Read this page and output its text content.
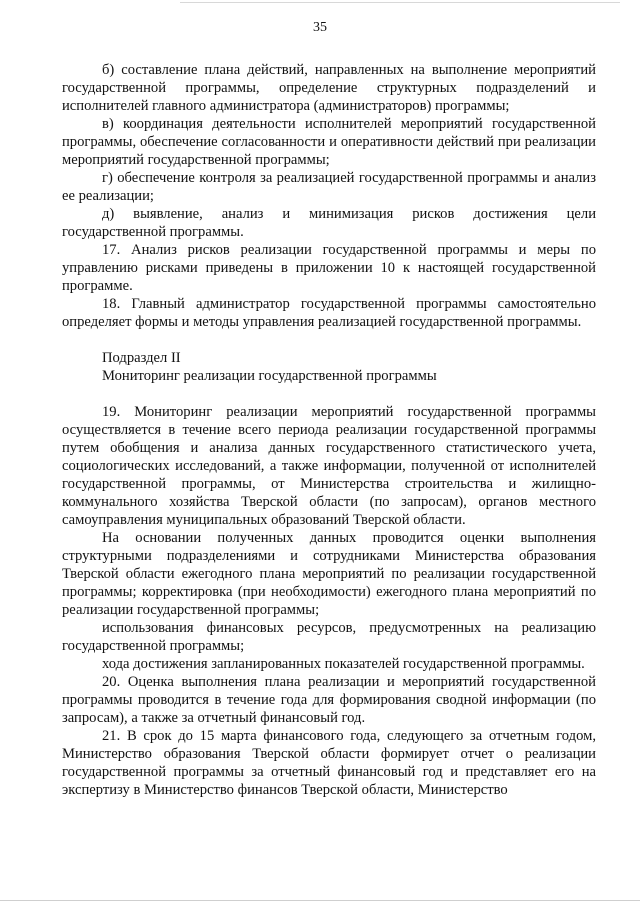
35

б) составление плана действий, направленных на выполнение мероприятий государственной программы, определение структурных подразделений и исполнителей главного администратора (администраторов) программы;

в) координация деятельности исполнителей мероприятий государственной программы, обеспечение согласованности и оперативности действий при реализации мероприятий государственной программы;

г) обеспечение контроля за реализацией государственной программы и анализ ее реализации;

д) выявление, анализ и минимизация рисков достижения цели государственной программы.

17. Анализ рисков реализации государственной программы и меры по управлению рисками приведены в приложении 10 к настоящей государственной программе.

18. Главный администратор государственной программы самостоятельно определяет формы и методы управления реализацией государственной программы.

Подраздел II

Мониторинг реализации государственной программы

19. Мониторинг реализации мероприятий государственной программы осуществляется в течение всего периода реализации государственной программы путем обобщения и анализа данных государственного статистического учета, социологических исследований, а также информации, полученной от исполнителей государственной программы, от Министерства строительства и жилищно-коммунального хозяйства Тверской области (по запросам), органов местного самоуправления муниципальных образований Тверской области.

На основании полученных данных проводится оценки выполнения структурными подразделениями и сотрудниками Министерства образования Тверской области ежегодного плана мероприятий по реализации государственной программы; корректировка (при необходимости) ежегодного плана мероприятий по реализации государственной программы;

использования финансовых ресурсов, предусмотренных на реализацию государственной программы;

хода достижения запланированных показателей государственной программы.

20. Оценка выполнения плана реализации и мероприятий государственной программы проводится в течение года для формирования сводной информации (по запросам), а также за отчетный финансовый год.

21. В срок до 15 марта финансового года, следующего за отчетным годом, Министерство образования Тверской области формирует отчет о реализации государственной программы за отчетный финансовый год и представляет его на экспертизу в Министерство финансов Тверской области, Министерство
